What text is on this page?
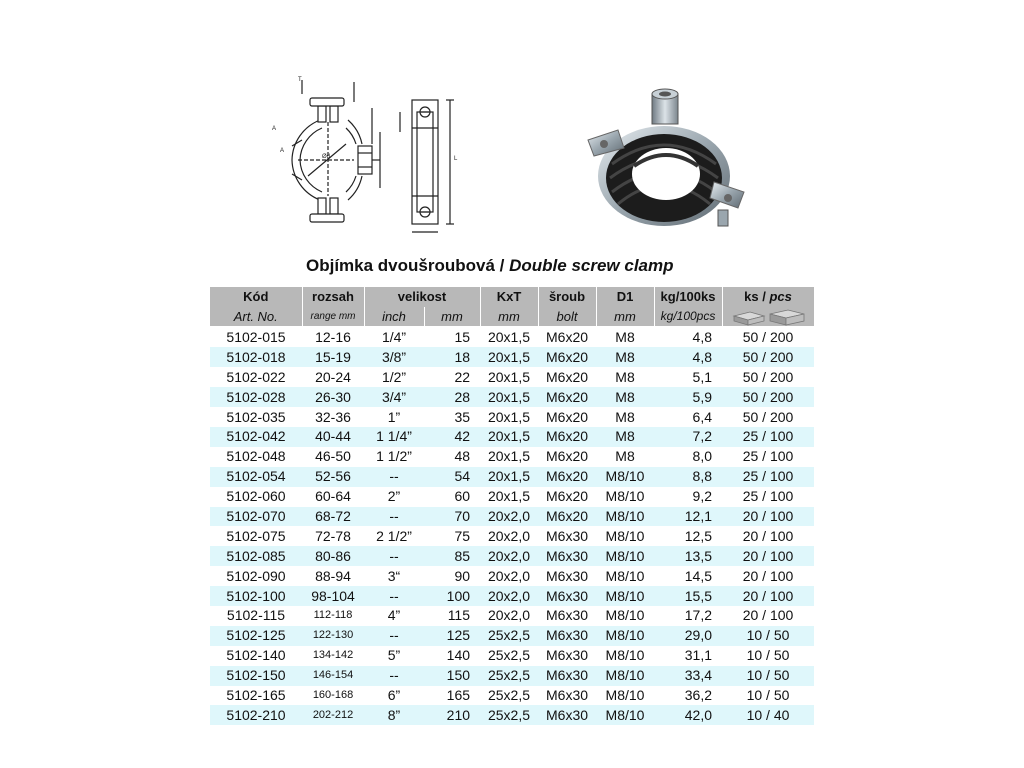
T
A
A
Ød	L
Objímka dvoušroubová / Double screw clamp
Kód	rozsah	velikost		KxT	šroub	D1	kg/100ks	ks / pcs
Art. No.	range mm	inch	mm	mm	bolt	mm	kg/100pcs	
5102-015	12-16	1/4”	15	20x1,5	M6x20	M8	4,8	50 / 200
5102-018	15-19	3/8”	18	20x1,5	M6x20	M8	4,8	50 / 200
5102-022	20-24	1/2”	22	20x1,5	M6x20	M8	5,1	50 / 200
5102-028	26-30	3/4”	28	20x1,5	M6x20	M8	5,9	50 / 200
5102-035	32-36	1”	35	20x1,5	M6x20	M8	6,4	50 / 200
5102-042	40-44	1 1/4”	42	20x1,5	M6x20	M8	7,2	25 / 100
5102-048	46-50	1 1/2”	48	20x1,5	M6x20	M8	8,0	25 / 100
5102-054	52-56	--	54	20x1,5	M6x20	M8/10	8,8	25 / 100
5102-060	60-64	2”	60	20x1,5	M6x20	M8/10	9,2	25 / 100
5102-070	68-72	--	70	20x2,0	M6x20	M8/10	12,1	20 / 100
5102-075	72-78	2 1/2”	75	20x2,0	M6x30	M8/10	12,5	20 / 100
5102-085	80-86	--	85	20x2,0	M6x30	M8/10	13,5	20 / 100
5102-090	88-94	3“	90	20x2,0	M6x30	M8/10	14,5	20 / 100
5102-100	98-104	--	100	20x2,0	M6x30	M8/10	15,5	20 / 100
5102-115	112-118	4”	115	20x2,0	M6x30	M8/10	17,2	20 / 100
5102-125	122-130	--	125	25x2,5	M6x30	M8/10	29,0	10 / 50
5102-140	134-142	5”	140	25x2,5	M6x30	M8/10	31,1	10 / 50
5102-150	146-154	--	150	25x2,5	M6x30	M8/10	33,4	10 / 50
5102-165	160-168	6”	165	25x2,5	M6x30	M8/10	36,2	10 / 50
5102-210	202-212	8”	210	25x2,5	M6x30	M8/10	42,0	10 / 40
